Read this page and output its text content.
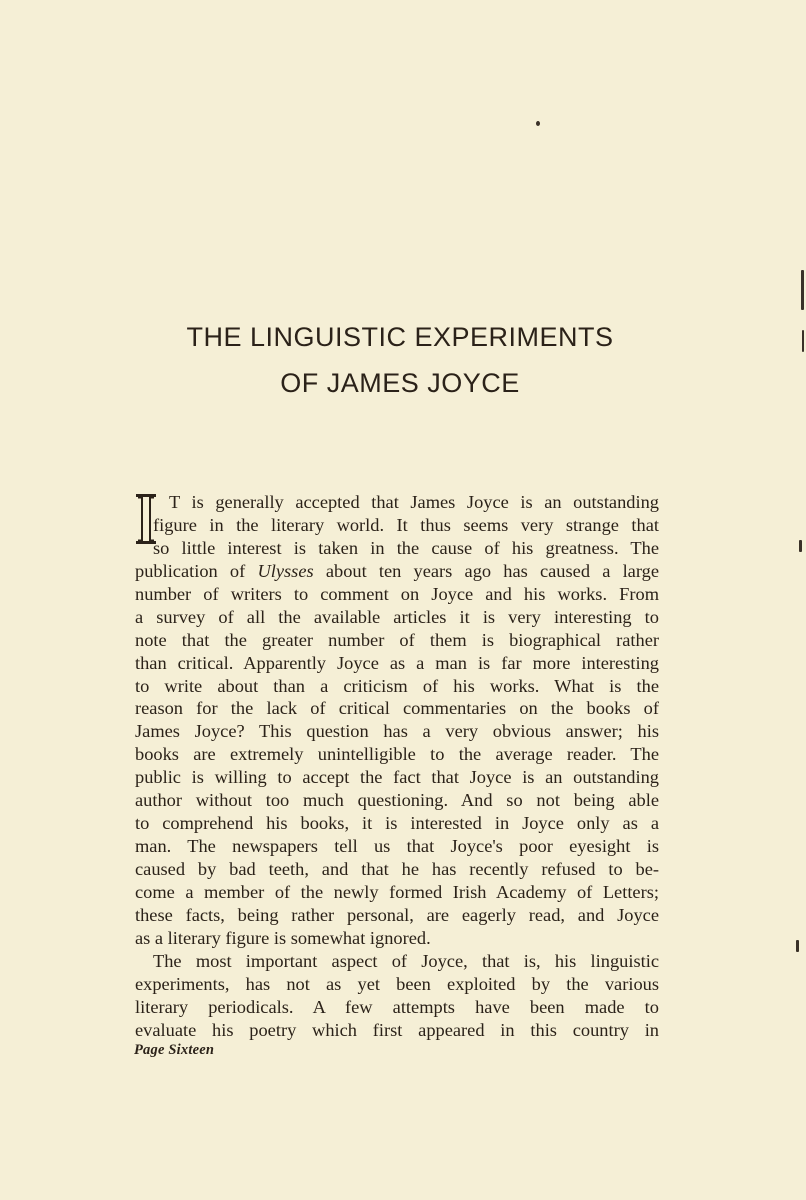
THE LINGUISTIC EXPERIMENTS
OF JAMES JOYCE
T is generally accepted that James Joyce is an outstanding
figure in the literary world. It thus seems very strange that
so little interest is taken in the cause of his greatness. The
publication of Ulysses about ten years ago has caused a large
number of writers to comment on Joyce and his works. From
a survey of all the available articles it is very interesting to
note that the greater number of them is biographical rather
than critical. Apparently Joyce as a man is far more interesting
to write about than a criticism of his works. What is the
reason for the lack of critical commentaries on the books of
James Joyce? This question has a very obvious answer; his
books are extremely unintelligible to the average reader. The
public is willing to accept the fact that Joyce is an outstanding
author without too much questioning. And so not being able
to comprehend his books, it is interested in Joyce only as a
man. The newspapers tell us that Joyce's poor eyesight is
caused by bad teeth, and that he has recently refused to be-
come a member of the newly formed Irish Academy of Letters;
these facts, being rather personal, are eagerly read, and Joyce
as a literary figure is somewhat ignored.
The most important aspect of Joyce, that is, his linguistic
experiments, has not as yet been exploited by the various
literary periodicals. A few attempts have been made to
evaluate his poetry which first appeared in this country in
Page Sixteen
